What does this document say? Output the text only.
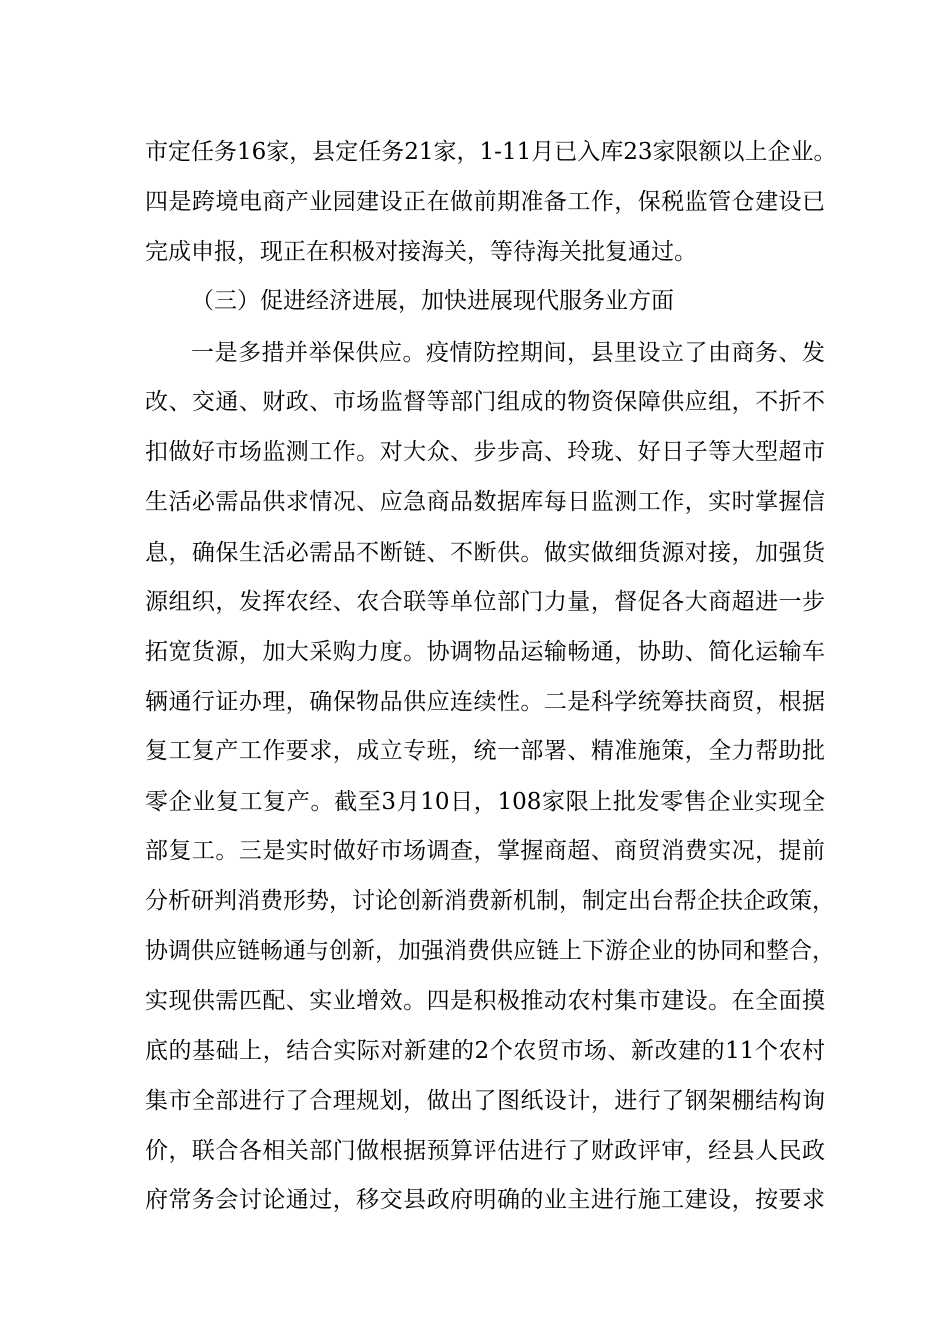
市定任务16家，县定任务21家，1-11月已入库23家限额以上企业。
四是跨境电商产业园建设正在做前期准备工作，保税监管仓建设已
完成申报，现正在积极对接海关，等待海关批复通过。
（三）促进经济进展，加快进展现代服务业方面
一是多措并举保供应。疫情防控期间，县里设立了由商务、发
改、交通、财政、市场监督等部门组成的物资保障供应组，不折不
扣做好市场监测工作。对大众、步步高、玲珑、好日子等大型超市
生活必需品供求情况、应急商品数据库每日监测工作，实时掌握信
息，确保生活必需品不断链、不断供。做实做细货源对接，加强货
源组织，发挥农经、农合联等单位部门力量，督促各大商超进一步
拓宽货源，加大采购力度。协调物品运输畅通，协助、简化运输车
辆通行证办理，确保物品供应连续性。二是科学统筹扶商贸，根据
复工复产工作要求，成立专班，统一部署、精准施策，全力帮助批
零企业复工复产。截至3月10日，108家限上批发零售企业实现全
部复工。三是实时做好市场调查，掌握商超、商贸消费实况，提前
分析研判消费形势，讨论创新消费新机制，制定出台帮企扶企政策，
协调供应链畅通与创新，加强消费供应链上下游企业的协同和整合，
实现供需匹配、实业增效。四是积极推动农村集市建设。在全面摸
底的基础上，结合实际对新建的2个农贸市场、新改建的11个农村
集市全部进行了合理规划，做出了图纸设计，进行了钢架棚结构询
价，联合各相关部门做根据预算评估进行了财政评审，经县人民政
府常务会讨论通过，移交县政府明确的业主进行施工建设，按要求
